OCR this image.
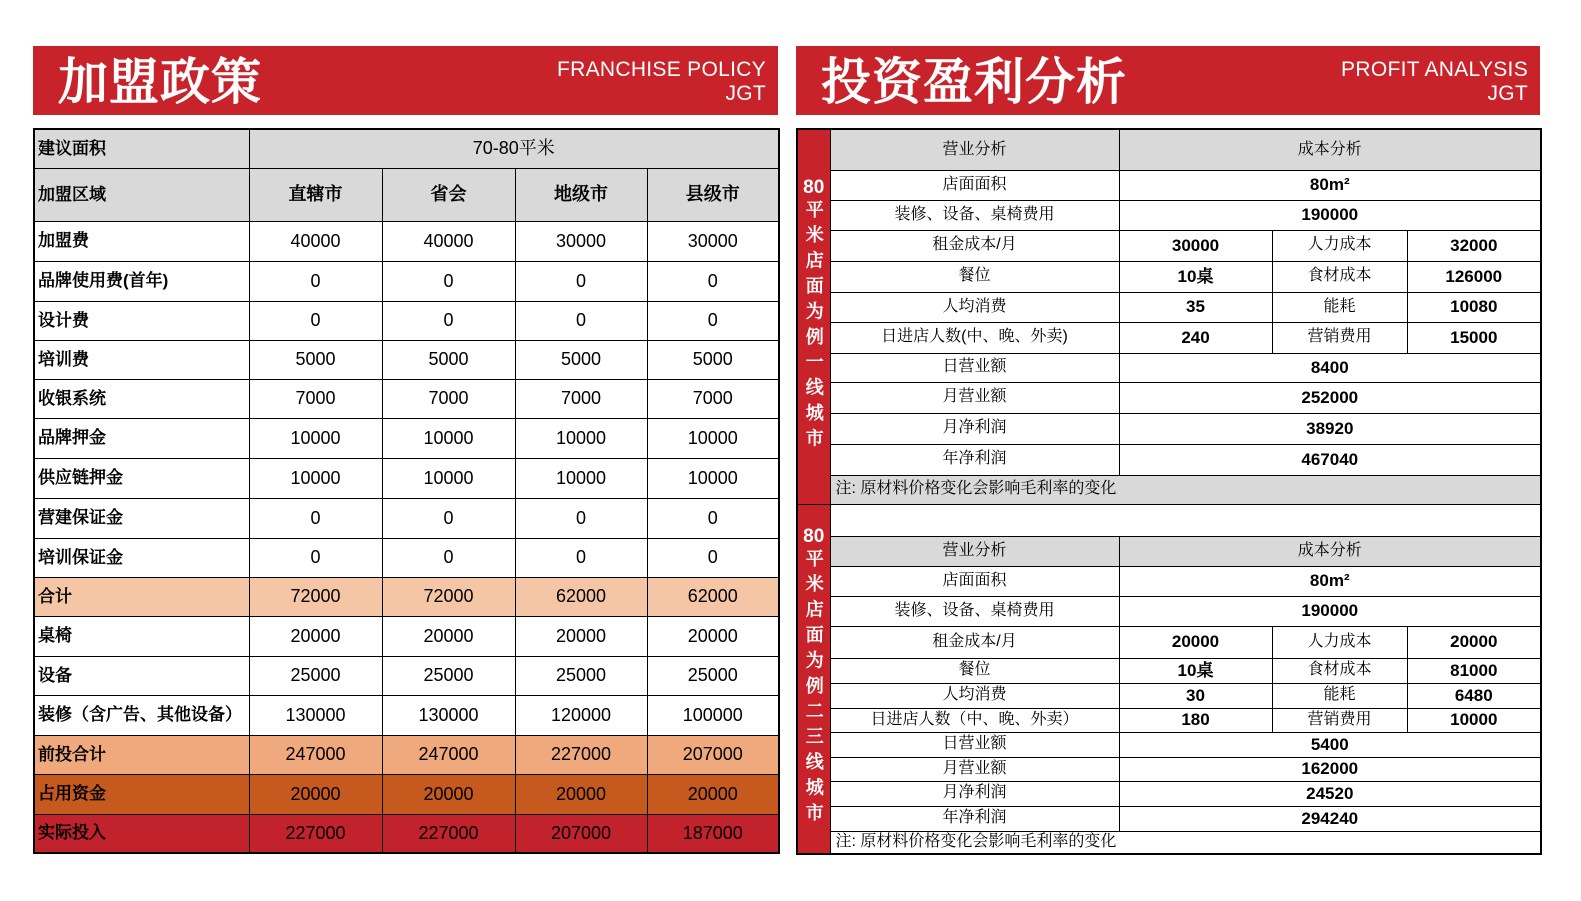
加盟政策	FRANCHISE POLICY
JGT 投资盈利分析	PROFIT ANALYSIS
JGT
建议面积	70-80平米			
加盟区域	直辖市	省会	地级市	县级市
加盟费	40000	40000	30000	30000
品牌使用费(首年)	0	0	0	0
设计费	0	0	0	0
培训费	5000	5000	5000	5000
收银系统	7000	7000	7000	7000
品牌押金	10000	10000	10000	10000
供应链押金	10000	10000	10000	10000
营建保证金	0	0	0	0
培训保证金	0	0	0	0
合计	72000	72000	62000	62000
桌椅	20000	20000	20000	20000
设备	25000	25000	25000	25000
装修（含广告、其他设备）	130000	130000	120000	100000
前投合计	247000	247000	227000	207000
占用资金	20000	20000	20000	20000
实际投入	227000	227000	207000	187000
80
平米店面为例一线城市	营业分析	成本分析		
	店面面积	80m²		
	装修、设备、桌椅费用	190000		
	租金成本/月	30000	人力成本	32000
	餐位	10桌	食材成本	126000
	人均消费	35	能耗	10080
	日进店人数(中、晚、外卖)	240	营销费用	15000
	日营业额	8400		
	月营业额	252000		
	月净利润	38920		
	年净利润	467040		
	注: 原材料价格变化会影响毛利率的变化			

80
平米店面为例二三线城市				
	营业分析	成本分析		
	店面面积	80m²		
	装修、设备、桌椅费用	190000		
	租金成本/月	20000	人力成本	20000
	餐位	10桌	食材成本	81000
	人均消费	30	能耗	6480
	日进店人数（中、晚、外卖）	180	营销费用	10000
	日营业额	5400		
	月营业额	162000		
	月净利润	24520		
	年净利润	294240		
	注: 原材料价格变化会影响毛利率的变化			
